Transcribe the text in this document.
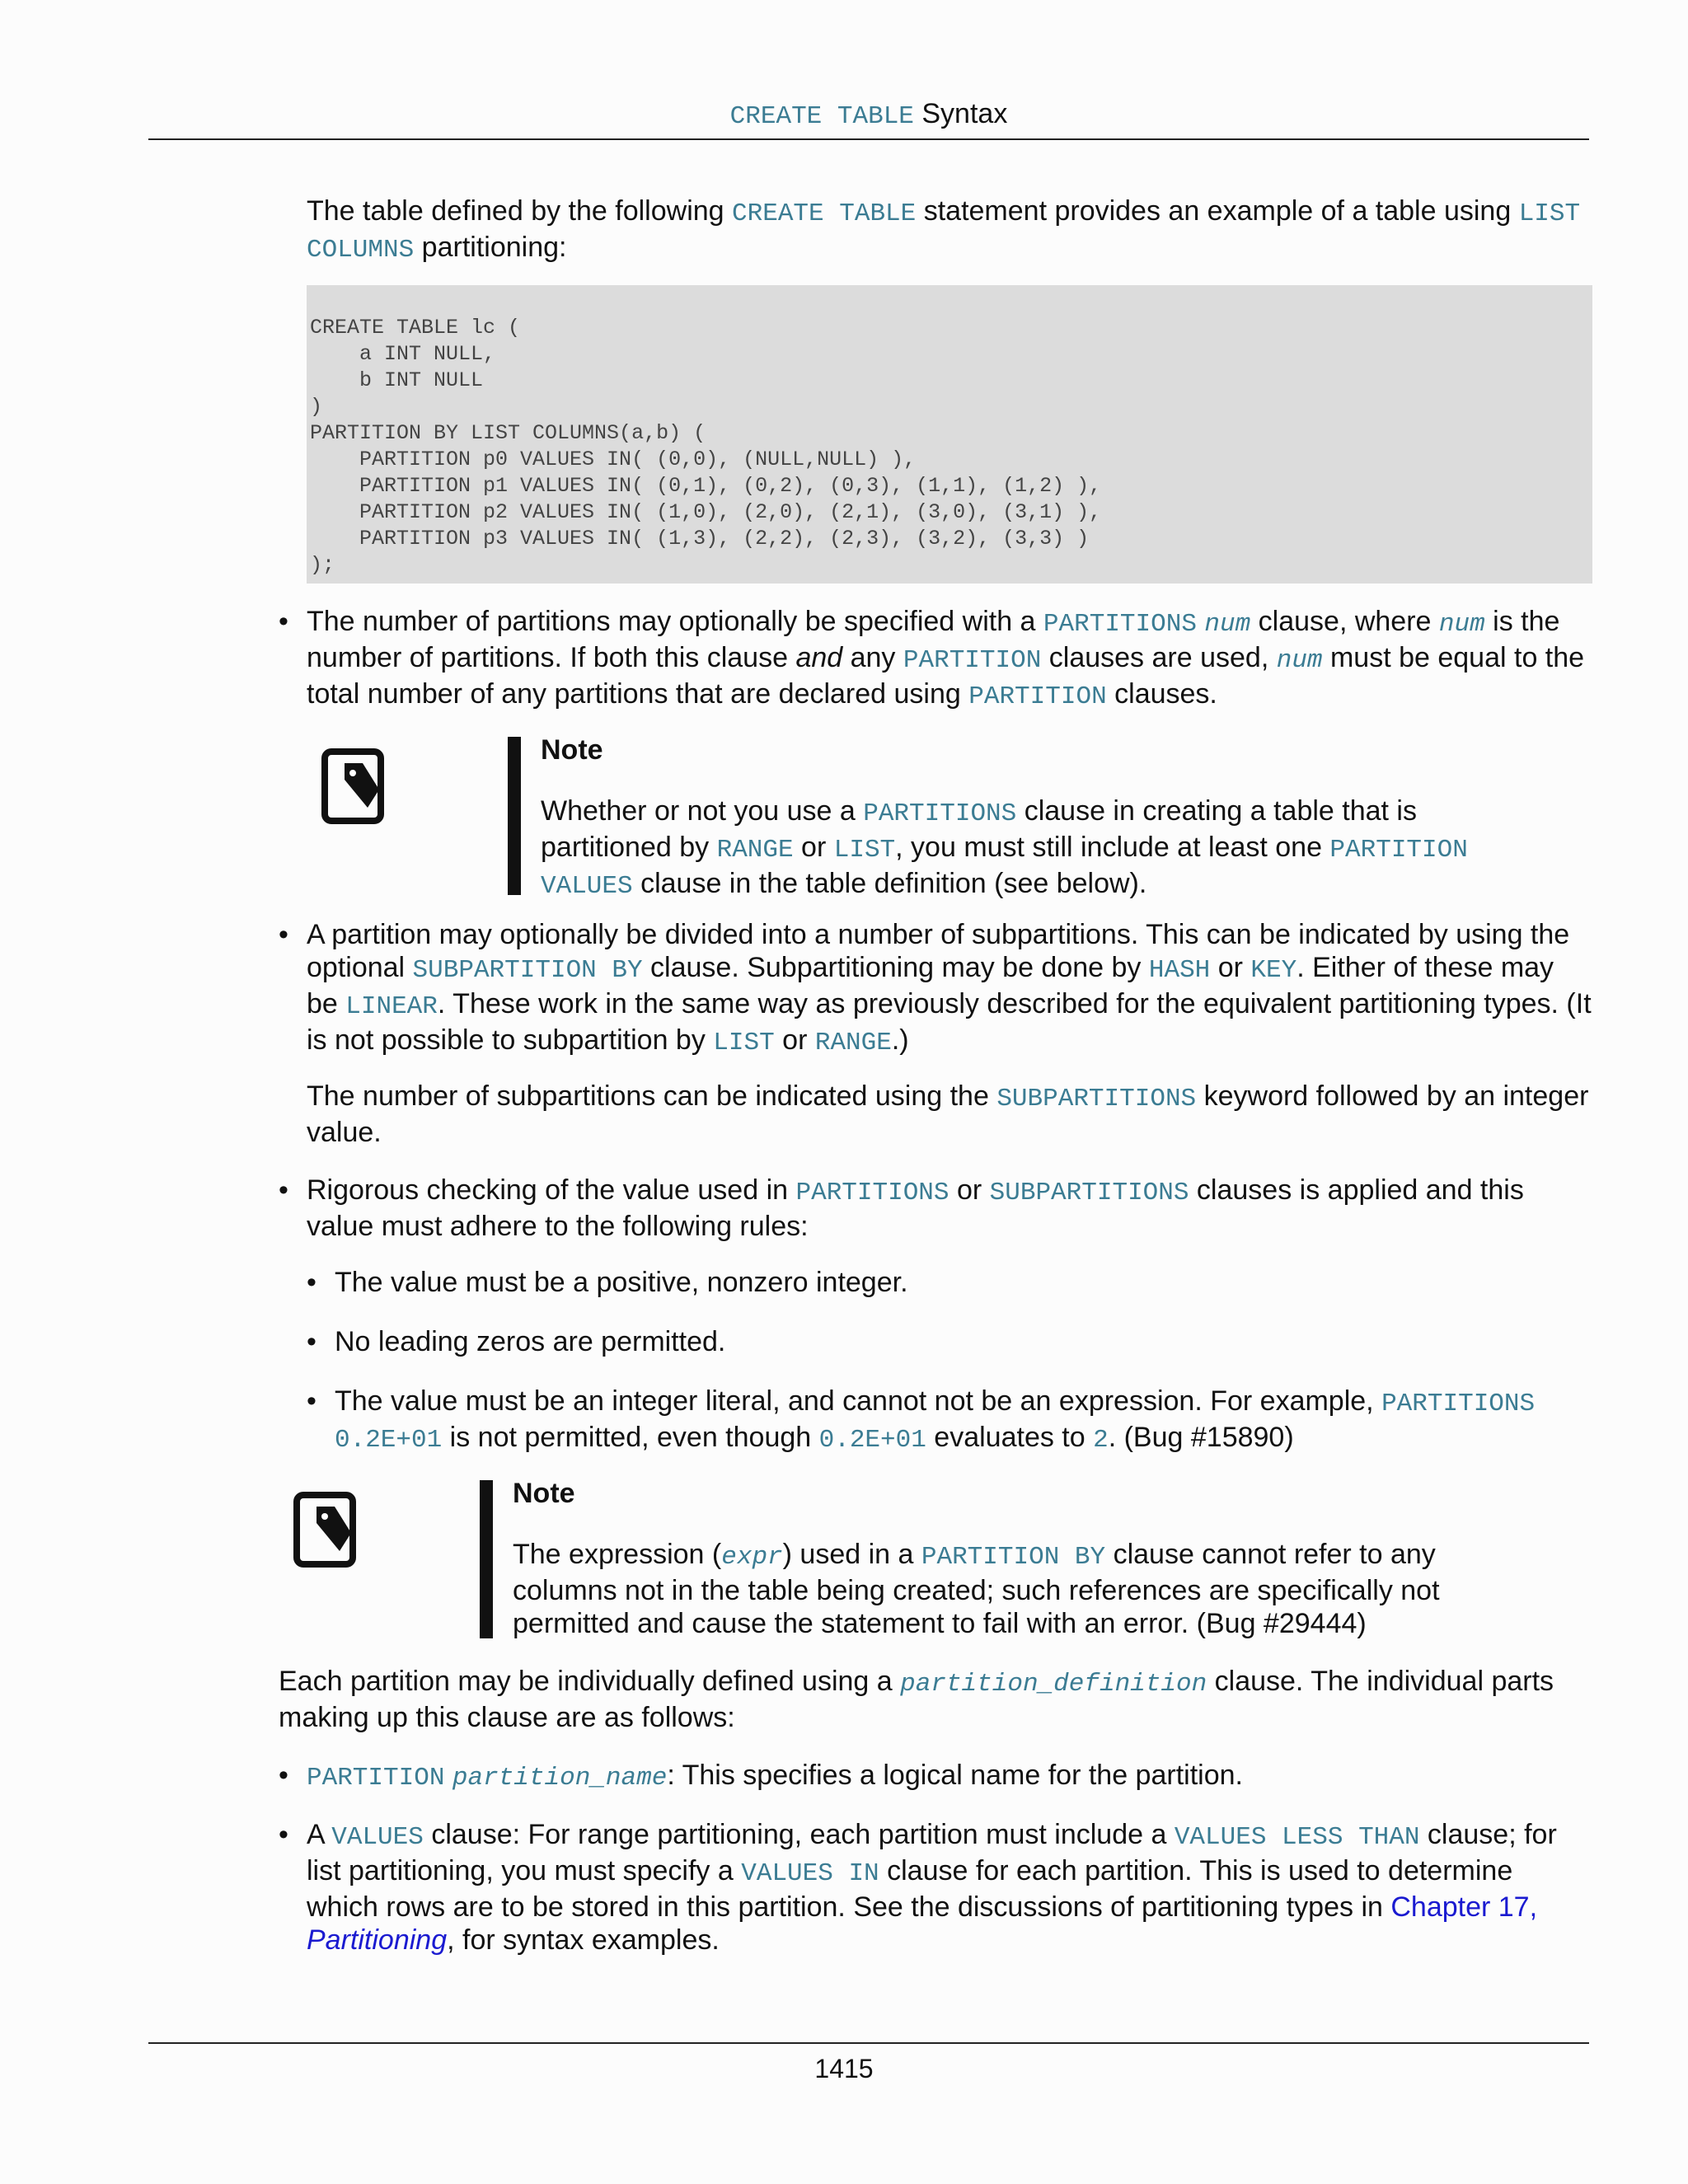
CREATE TABLE Syntax

The table defined by the following CREATE TABLE statement provides an example of a table using LIST COLUMNS partitioning:

CREATE TABLE lc (
a INT NULL,
b INT NULL
)
PARTITION BY LIST COLUMNS(a,b) (
PARTITION p0 VALUES IN( (0,0), (NULL,NULL) ),
PARTITION p1 VALUES IN( (0,1), (0,2), (0,3), (1,1), (1,2) ),
PARTITION p2 VALUES IN( (1,0), (2,0), (2,1), (3,0), (3,1) ),
PARTITION p3 VALUES IN( (1,3), (2,2), (2,3), (3,2), (3,3) )
);
• The number of partitions may optionally be specified with a PARTITIONS num clause, where num is the number of partitions. If both this clause and any PARTITION clauses are used, num must be equal to the total number of any partitions that are declared using PARTITION clauses.

Note

Whether or not you use a PARTITIONS clause in creating a table that is partitioned by RANGE or LIST, you must still include at least one PARTITION VALUES clause in the table definition (see below).

• A partition may optionally be divided into a number of subpartitions. This can be indicated by using the optional SUBPARTITION BY clause. Subpartitioning may be done by HASH or KEY. Either of these may be LINEAR. These work in the same way as previously described for the equivalent partitioning types. (It is not possible to subpartition by LIST or RANGE.)

The number of subpartitions can be indicated using the SUBPARTITIONS keyword followed by an integer value.

• Rigorous checking of the value used in PARTITIONS or SUBPARTITIONS clauses is applied and this value must adhere to the following rules:

• The value must be a positive, nonzero integer.

• No leading zeros are permitted.

• The value must be an integer literal, and cannot not be an expression. For example, PARTITIONS 0.2E+01 is not permitted, even though 0.2E+01 evaluates to 2. (Bug #15890)

Note

The expression (expr) used in a PARTITION BY clause cannot refer to any columns not in the table being created; such references are specifically not permitted and cause the statement to fail with an error. (Bug #29444)

Each partition may be individually defined using a partition_definition clause. The individual parts making up this clause are as follows:

• PARTITION partition_name: This specifies a logical name for the partition.

• A VALUES clause: For range partitioning, each partition must include a VALUES LESS THAN clause; for list partitioning, you must specify a VALUES IN clause for each partition. This is used to determine which rows are to be stored in this partition. See the discussions of partitioning types in Chapter 17, Partitioning, for syntax examples.

1415
